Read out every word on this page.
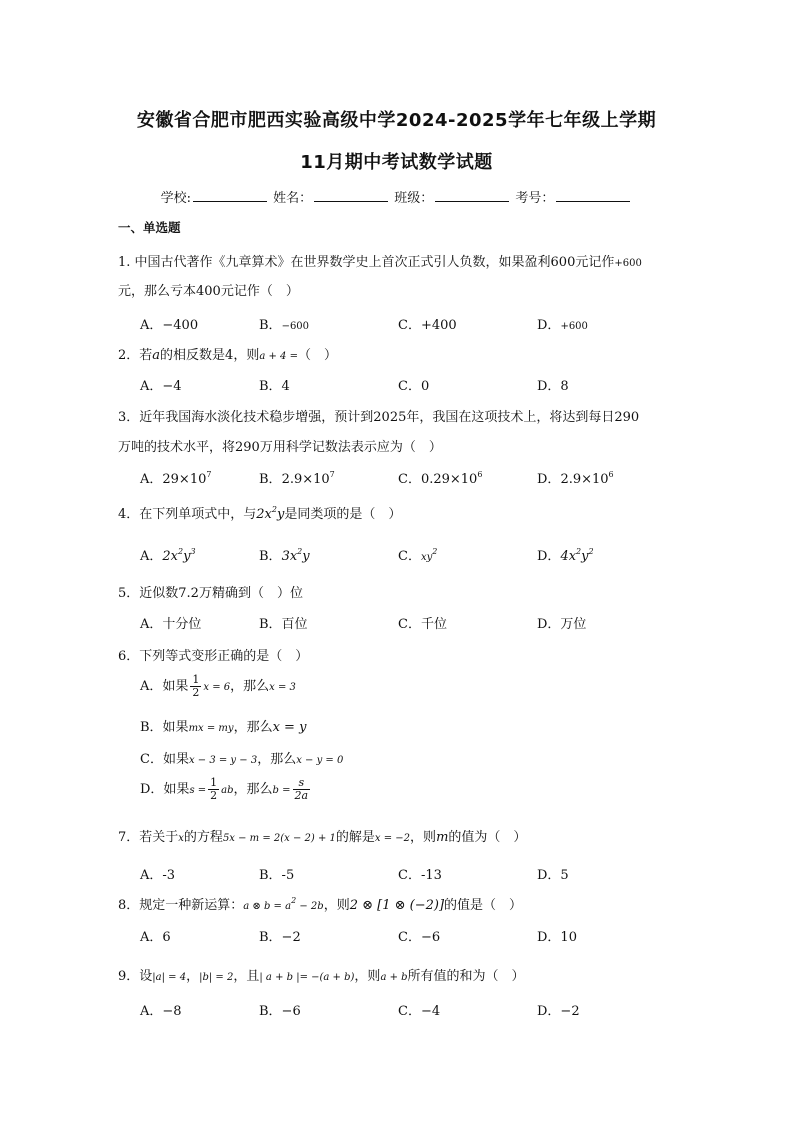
安徽省合肥市肥西实验高级中学2024-2025学年七年级上学期
11月期中考试数学试题
学校:	姓名：	班级：	考号：
一、单选题
1. 中国古代著作《九章算术》在世界数学史上首次正式引人负数，如果盈利600元记作+600
元，那么亏本400元记作（　）
A．−400	B．−600	C．+400	D．+600
2．若a的相反数是4，则a + 4 =（　）
A．−4	B．4	C．0	D．8
3．近年我国海水淡化技术稳步增强，预计到2025年，我国在这项技术上，将达到每日290
万吨的技术水平，将290万用科学记数法表示应为（　）
A．$29\times 10^7$	B．$2.9\times 10^7$	C．$0.29\times 10^6$	D．$2.9\times 10^6$
4．在下列单项式中，与$2x^2y$是同类项的是（　）
A．$2x^2y^3$	B．$3x^2y$	C．$xy^2$	D．$4x^2y^2$
5．近似数7.2万精确到（　）位
A．十分位	B．百位	C．千位	D．万位
6．下列等式变形正确的是（　）
A．如果 $\frac{1}{2}$ x = 6，那么x = 3
B．如果mx = my，那么x = y
C．如果x − 3 = y − 3，那么x − y = 0
D．如果$s = \frac{1}{2}$ ab，那么$b = \frac{s}{2a}$
7．若关于x的方程5x − m = 2(x − 2) + 1的解是x = −2，则m的值为（　）
A．-3	B．-5	C．-13	D．5
8．规定一种新运算：a ⊗ $b = a^2 - 2b$，则2 ⊗ [1 ⊗ (−2)]的值是（　）
A．6	B．−2	C．−6	D．10
9．设|a| = 4，|b| = 2，且| a + b |= −(a + b)，则a + b所有值的和为（　）
A．−8	B．−6	C．−4	D．−2
